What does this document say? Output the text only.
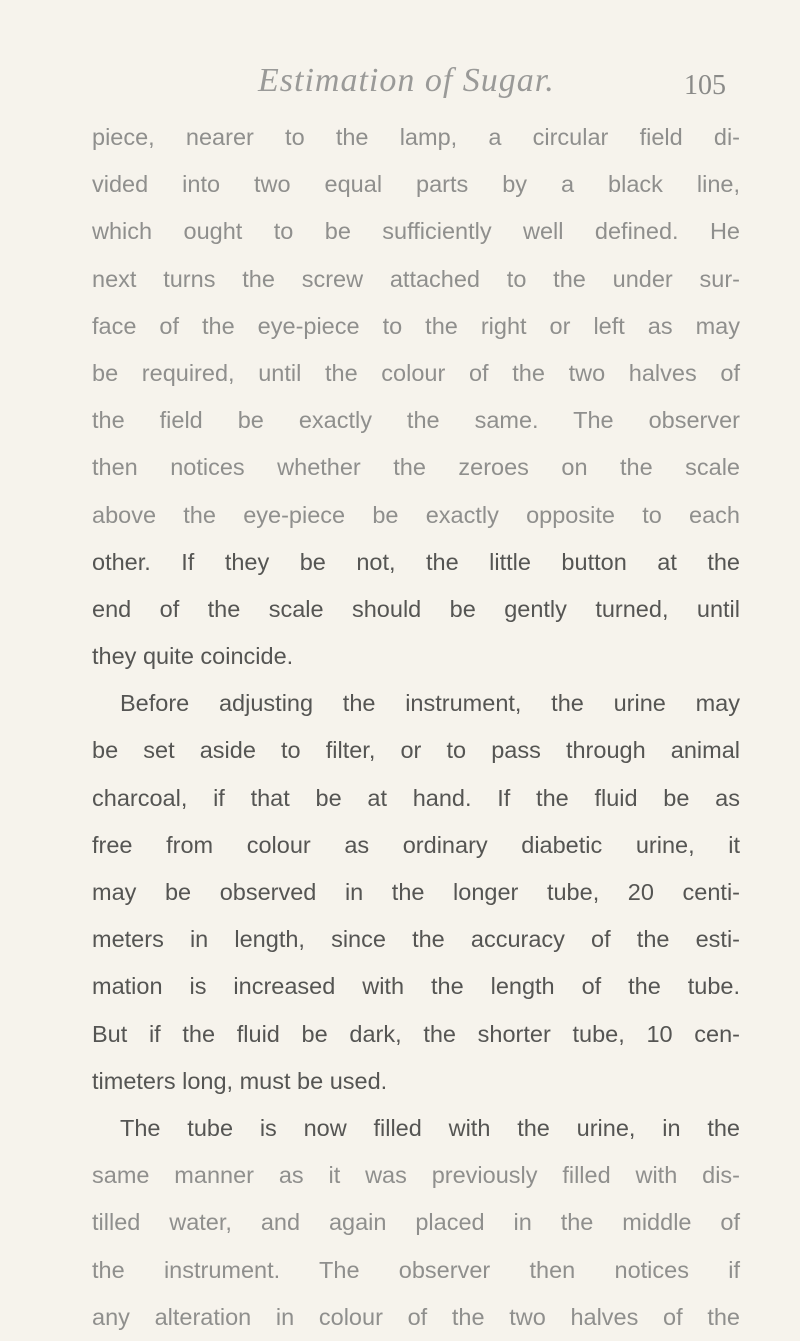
Estimation of Sugar.	105
piece, nearer to the lamp, a circular field di-
vided into two equal parts by a black line,
which ought to be sufficiently well defined. He
next turns the screw attached to the under sur-
face of the eye-piece to the right or left as may
be required, until the colour of the two halves of
the field be exactly the same. The observer
then notices whether the zeroes on the scale
above the eye-piece be exactly opposite to each
other. If they be not, the little button at the
end of the scale should be gently turned, until
they quite coincide.
Before adjusting the instrument, the urine may
be set aside to filter, or to pass through animal
charcoal, if that be at hand. If the fluid be as
free from colour as ordinary diabetic urine, it
may be observed in the longer tube, 20 centi-
meters in length, since the accuracy of the esti-
mation is increased with the length of the tube.
But if the fluid be dark, the shorter tube, 10 cen-
timeters long, must be used.
The tube is now filled with the urine, in the
same manner as it was previously filled with dis-
tilled water, and again placed in the middle of
the instrument. The observer then notices if
any alteration in colour of the two halves of the
